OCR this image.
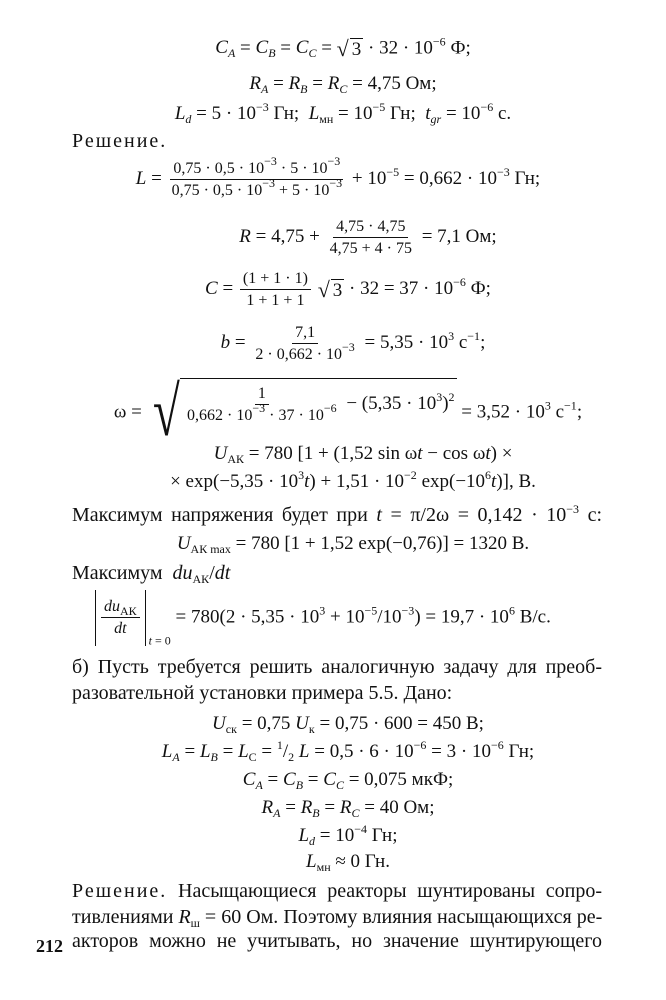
$C_A = C_B = C_C$ = √ $3 \cdot 32 \cdot 10^{-6}$ Ф;
$R_A = R_B = R_C = 4,75$ Ом;
$L_d = 5 \cdot 10^{-3}$ Гн;  $L_{мн} = 10^{-5}$ Гн;  $t_{gr} = 10^{-6}$ с.
Решение.
$L = \frac{0,75 \cdot 0,5 \cdot 10^{-3} \cdot 5 \cdot 10^{-3}}{0,75 \cdot 0,5 \cdot 10^{-3} + 5 \cdot 10^{-3}} + 10^{-5} = 0,662 \cdot 10^{-3}$ Гн;
$R = 4,75 + \frac{4,75 \cdot 4,75}{4,75 + 4 \cdot 75} = 7,1$ Ом;
$C = \frac{(1 + 1 \cdot 1)}{1 + 1 + 1}$
√ $3 \cdot 32 = 37 \cdot 10^{-6}$ Ф;
$b = \frac{7,1}{2 \cdot 0,662 \cdot 10^{-3}} = 5,35 \cdot 10^3$ $с^{-1}$;
ω = √ $\frac{1}{0,662 \cdot 10^{-3} \cdot 37 \cdot 10^{-6}} - (5,35 \cdot 10^3)^2$
= $3,52 \cdot 10^3$ $с^{-1}$;
$U_{АК} = 780$ [1 + (1,52 sin ωt − cos ωt) ×
× $\exp(-5,35 \cdot 10^3t) + 1,51 \cdot 10^{-2}$ $\exp(-10^6t)$], В.
Максимум напряжения будет при $t = \pi/2\omega = 0,142 \cdot 10^{-3}$ с:
$U_{АК max} = 780$ [1 + 1,52 exp(−0,76)] = 1320 В.
Максимум  $du_{АК}/dt$
$\frac{du_{АК}}{dt}$
$_{t = 0} = 780(2 \cdot 5,35 \cdot 10^3 + 10^{-5}/10^{-3}) = 19,7 \cdot 10^6$ В/с.
б) Пусть требуется решить аналогичную задачу для преоб-
разовательной установки примера 5.5. Дано:
$U_{ск} = 0,75$ $U_к = 0,75 \cdot 600 = 450$ В;
$L_A = L_B = L_C = ^1/_2$ $L = 0,5 \cdot 6 \cdot 10^{-6} = 3 \cdot 10^{-6}$ Гн;
$C_A = C_B = C_C = 0,075$ мкФ;
$R_A = R_B = R_C = 40$ Ом;
$L_d = 10^{-4}$ Гн;
$L_{мн} \approx 0$ Гн.
Решение. Насыщающиеся реакторы шунтированы сопро-
тивлениями $R_ш = 60$ Ом. Поэтому влияния насыщающихся ре-
акторов можно не учитывать, но значение шунтирующего
212
